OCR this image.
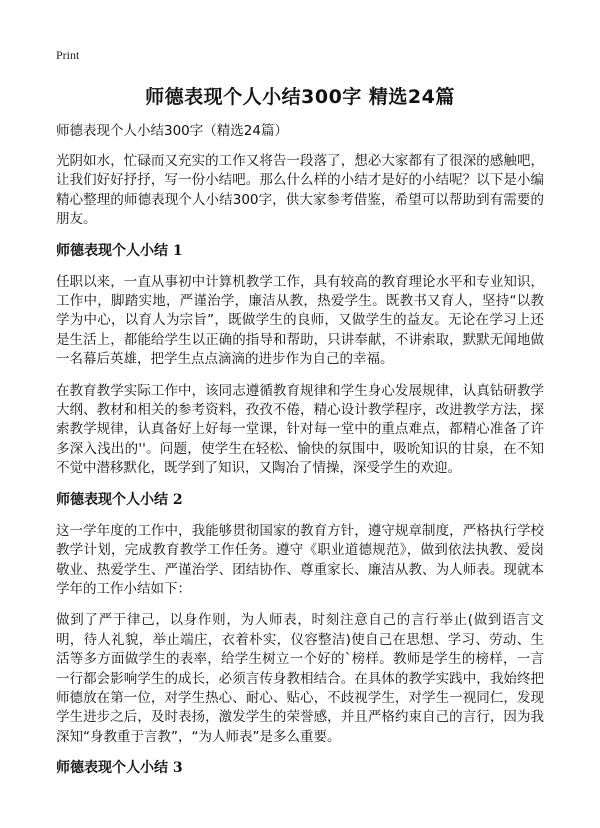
Print
师德表现个人小结300字 精选24篇
师德表现个人小结300字（精选24篇）

光阴如水，忙碌而又充实的工作又将告一段落了，想必大家都有了很深的感触吧，让我们好好抒抒，写一份小结吧。那么什么样的小结才是好的小结呢？以下是小编精心整理的师德表现个人小结300字，供大家参考借鉴，希望可以帮助到有需要的朋友。

师德表现个人小结 1

任职以来，一直从事初中计算机教学工作，具有较高的教育理论水平和专业知识，工作中，脚踏实地，严谨治学，廉洁从教，热爱学生。既教书又育人，坚持“以教学为中心，以育人为宗旨”，既做学生的良师，又做学生的益友。无论在学习上还是生活上，都能给学生以正确的指导和帮助，只讲奉献，不讲索取，默默无闻地做一名幕后英雄，把学生点点滴滴的进步作为自己的幸福。

在教育教学实际工作中，该同志遵循教育规律和学生身心发展规律，认真钻研教学大纲、教材和相关的参考资料，孜孜不倦，精心设计教学程序，改进教学方法，探索教学规律，认真备好上好每一堂课，针对每一堂中的重点难点，都精心准备了许多深入浅出的''。问题，使学生在轻松、愉快的氛围中，吸吮知识的甘泉，在不知不觉中潜移默化，既学到了知识，又陶冶了情操，深受学生的欢迎。

师德表现个人小结 2

这一学年度的工作中，我能够贯彻国家的教育方针，遵守规章制度，严格执行学校教学计划，完成教育教学工作任务。遵守《职业道德规范》，做到依法执教、爱岗敬业、热爱学生、严谨治学、团结协作、尊重家长、廉洁从教、为人师表。现就本学年的工作小结如下：

做到了严于律己，以身作则，为人师表，时刻注意自己的言行举止(做到语言文明，待人礼貌，举止端庄，衣着朴实，仪容整洁)使自己在思想、学习、劳动、生活等多方面做学生的表率，给学生树立一个好的`榜样。教师是学生的榜样，一言一行都会影响学生的成长，必须言传身教相结合。在具体的教学实践中，我始终把师德放在第一位，对学生热心、耐心、贴心，不歧视学生，对学生一视同仁，发现学生进步之后，及时表扬，激发学生的荣誉感，并且严格约束自己的言行，因为我深知“身教重于言教”，“为人师表”是多么重要。

师德表现个人小结 3
